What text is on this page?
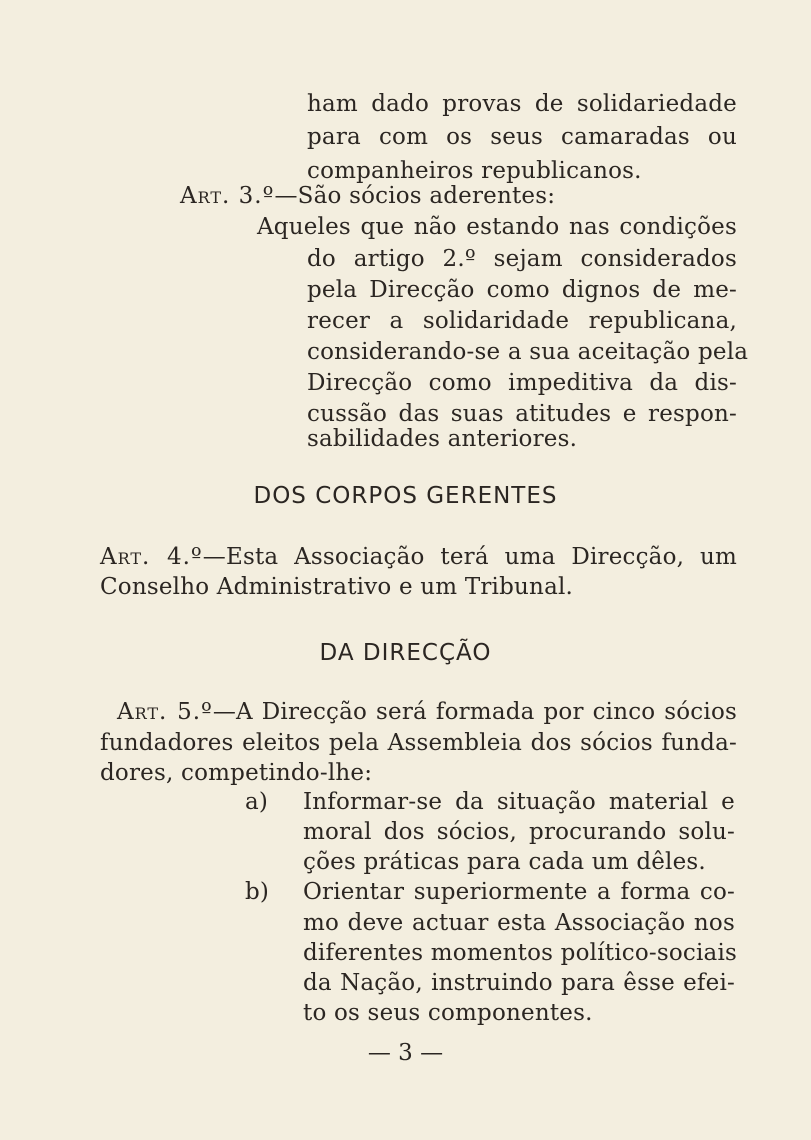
ham dado provas de solidariedade
para com os seus camaradas ou
companheiros republicanos.
Art. 3.º—São sócios aderentes:
Aqueles que não estando nas condições
do artigo 2.º sejam considerados
pela Direcção como dignos de me-
recer a solidaridade republicana,
considerando-se a sua aceitação pela
Direcção como impeditiva da dis-
cussão das suas atitudes e respon-
sabilidades anteriores.
DOS CORPOS GERENTES
Art. 4.º—Esta Associação terá uma Direcção, um
Conselho Administrativo e um Tribunal.
DA DIRECÇÃO
Art. 5.º—A Direcção será formada por cinco sócios
fundadores eleitos pela Assembleia dos sócios funda-
dores, competindo-lhe:
a) Informar-se da situação material e
moral dos sócios, procurando solu-
ções práticas para cada um dêles.
b) Orientar superiormente a forma co-
mo deve actuar esta Associação nos
diferentes momentos político-sociais
da Nação, instruindo para êsse efei-
to os seus componentes.
— 3 —
